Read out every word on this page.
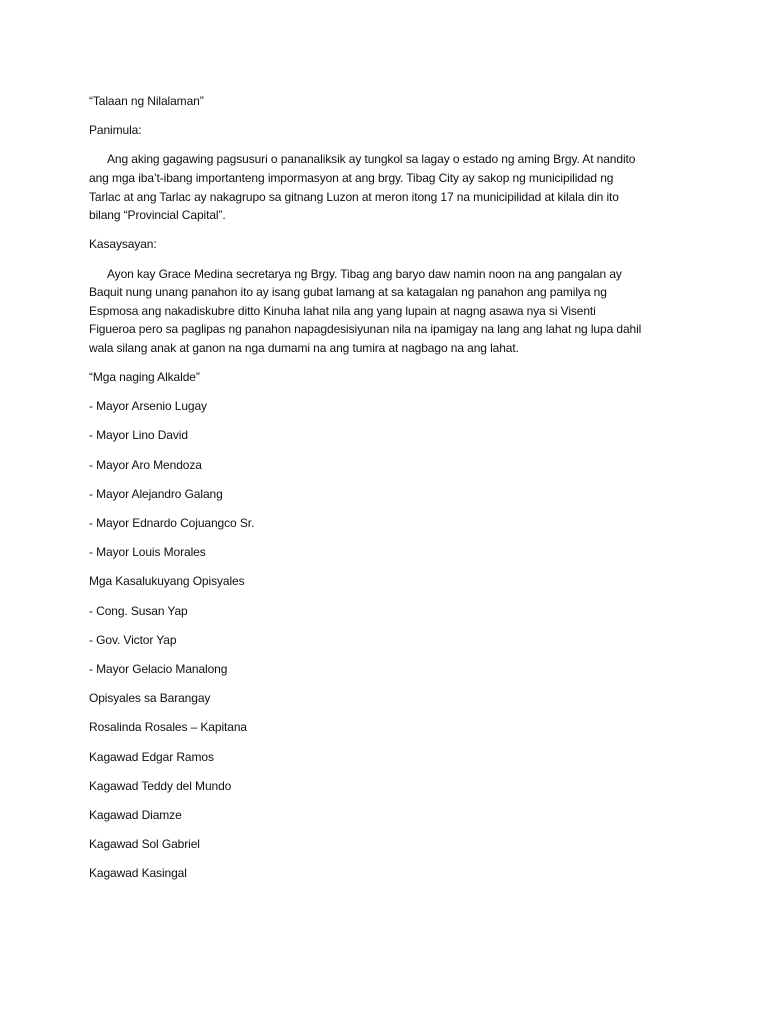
“Talaan ng Nilalaman”

Panimula:

Ang aking gagawing pagsusuri o pananaliksik ay tungkol sa lagay o estado ng aming Brgy. At nandito

ang mga iba’t-ibang importanteng impormasyon at ang brgy. Tibag City ay sakop ng municipilidad ng

Tarlac at ang Tarlac ay nakagrupo sa gitnang Luzon at meron itong 17 na municipilidad at kilala din ito

bilang “Provincial Capital”.

Kasaysayan:

Ayon kay Grace Medina secretarya ng Brgy. Tibag ang baryo daw namin noon na ang pangalan ay

Baquit nung unang panahon ito ay isang gubat lamang at sa katagalan ng panahon ang pamilya ng

Espmosa ang nakadiskubre ditto Kinuha lahat nila ang yang lupain at nagng asawa nya si Visenti

Figueroa pero sa paglipas ng panahon napagdesisiyunan nila na ipamigay na lang ang lahat ng lupa dahil

wala silang anak at ganon na nga dumami na ang tumira at nagbago na ang lahat.

“Mga naging Alkalde”

- Mayor Arsenio Lugay

- Mayor Lino David

- Mayor Aro Mendoza

- Mayor Alejandro Galang

- Mayor Ednardo Cojuangco Sr.

- Mayor Louis Morales

Mga Kasalukuyang Opisyales

- Cong. Susan Yap

- Gov. Victor Yap

- Mayor Gelacio Manalong

Opisyales sa Barangay

Rosalinda Rosales – Kapitana

Kagawad Edgar Ramos

Kagawad Teddy del Mundo

Kagawad Diamze

Kagawad Sol Gabriel

Kagawad Kasingal
